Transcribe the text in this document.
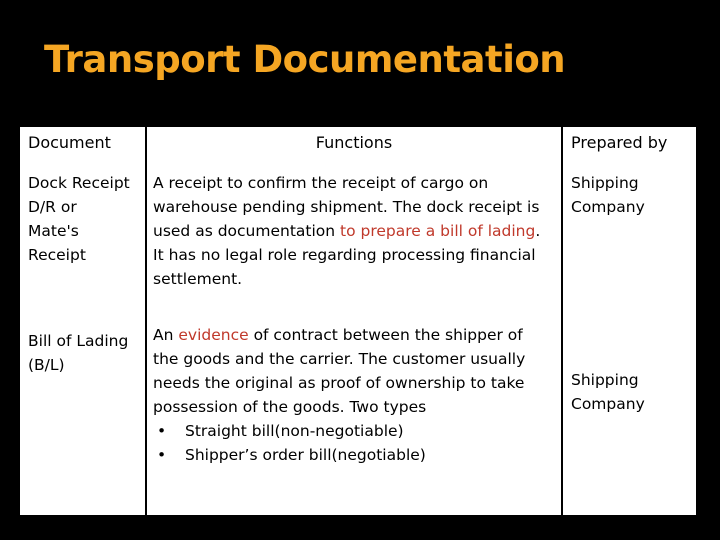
Transport Documentation
Document	Functions	Prepared by
Dock Receipt
D/R or
Mate's
Receipt
A receipt to confirm the receipt of cargo on warehouse pending shipment. The dock receipt is used as documentation to prepare a bill of lading. It has no legal role regarding processing financial settlement.
Shipping
Company
Bill of Lading
(B/L)
An evidence of contract between the shipper of the goods and the carrier. The customer usually needs the original as proof of ownership to take possession of the goods. Two types
• Straight bill(non-negotiable)
• Shipper’s order bill(negotiable)
Shipping
Company
